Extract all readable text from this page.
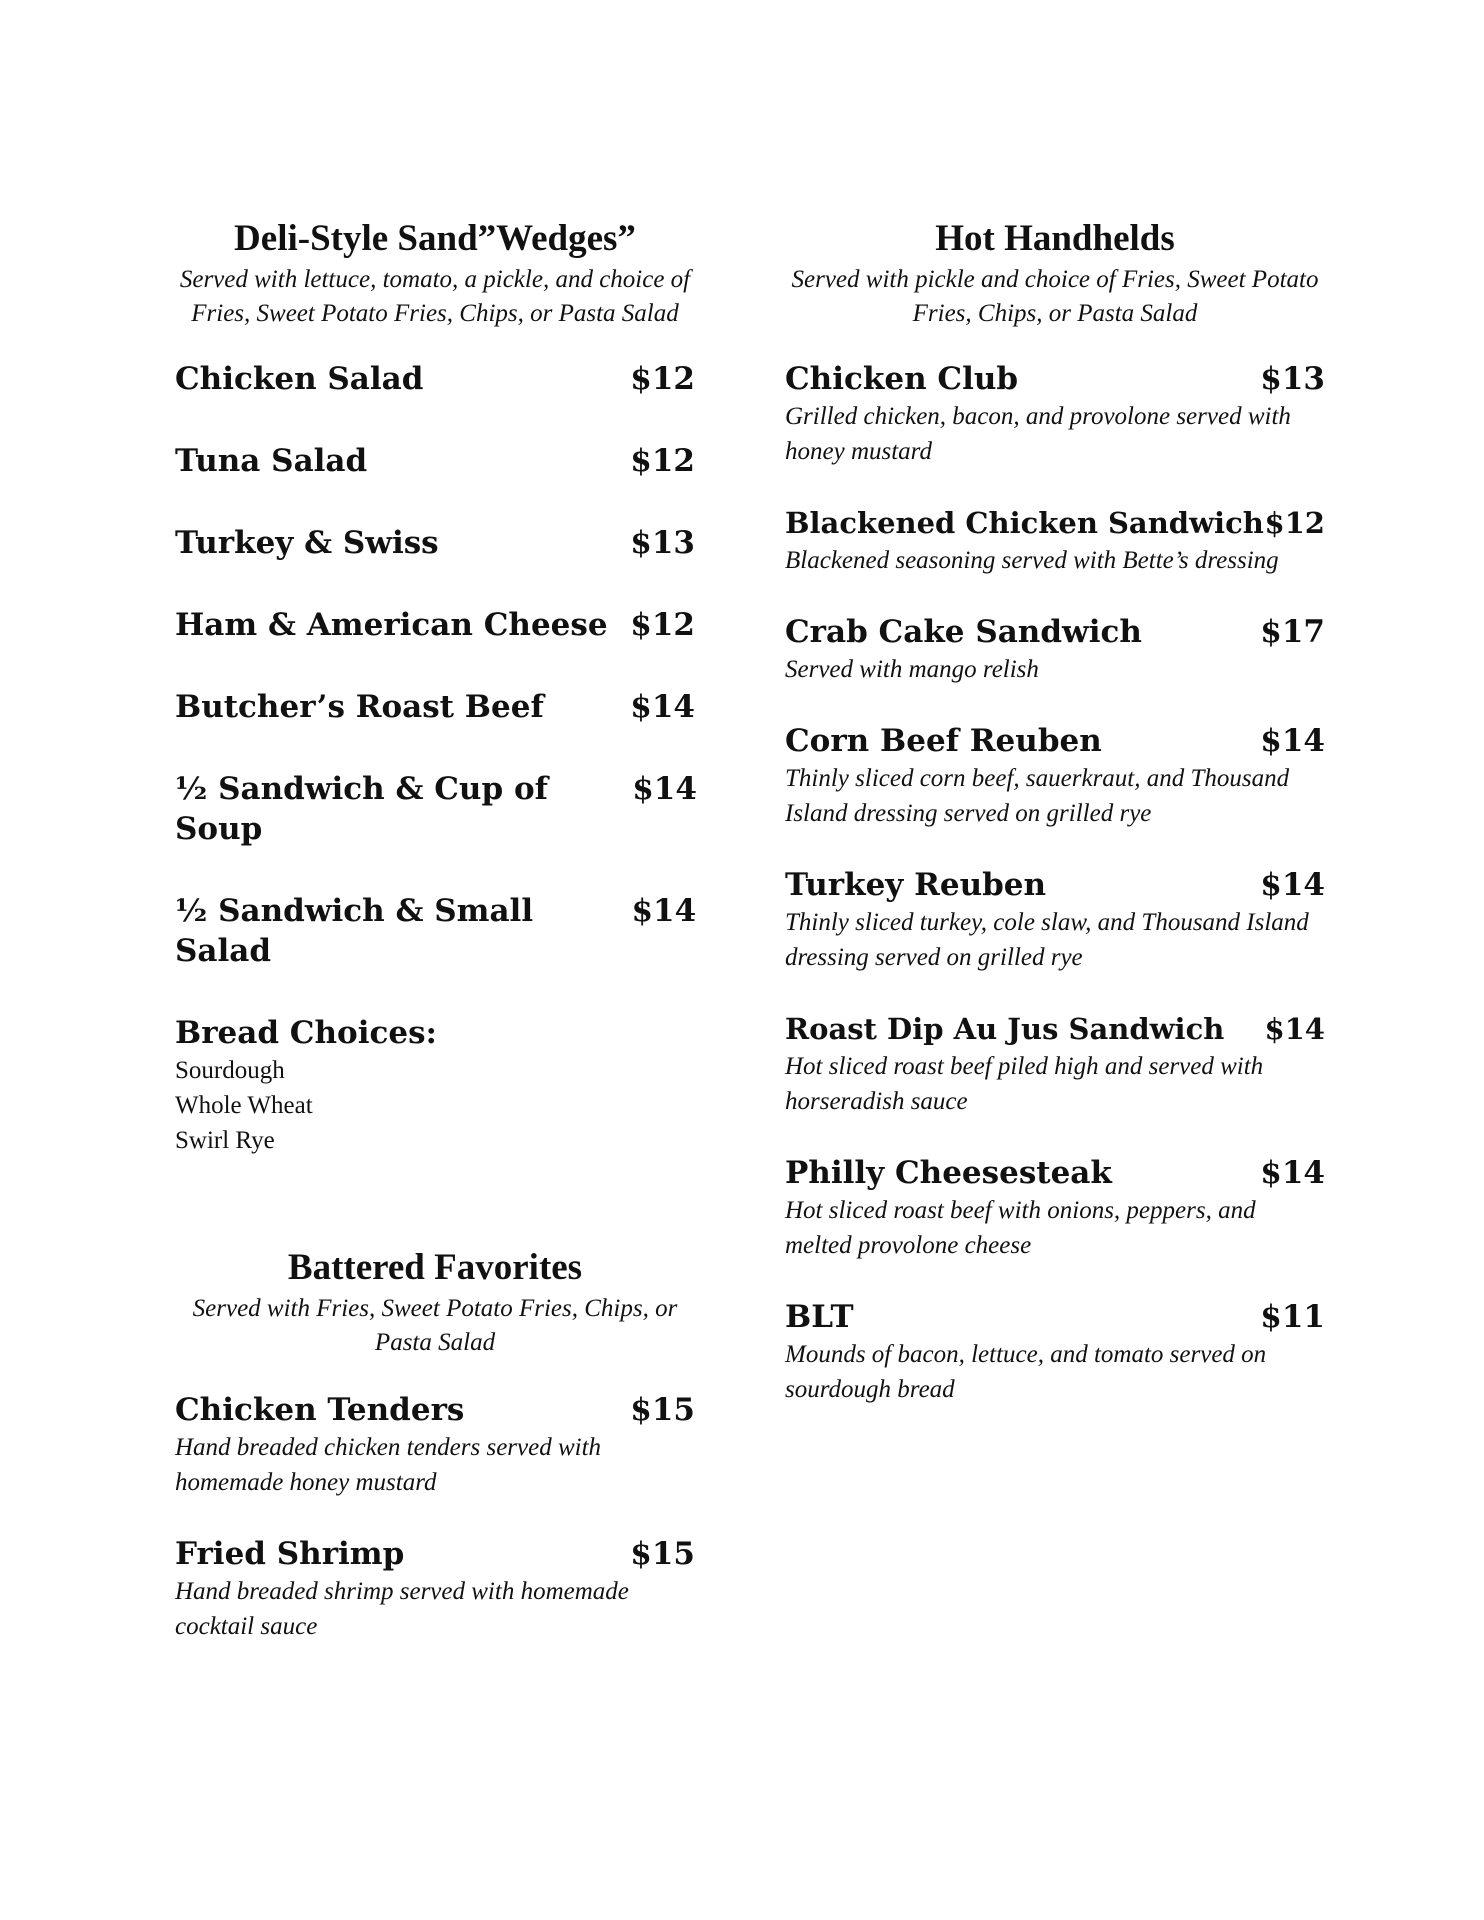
Deli-Style Sand”Wedges”

Served with lettuce, tomato, a pickle, and choice of Fries, Sweet Potato Fries, Chips, or Pasta Salad

Chicken Salad	$12
Tuna Salad	$12
Turkey & Swiss	$13
Ham & American Cheese $12
Butcher’s Roast Beef	$14
½ Sandwich & Cup of Soup
$14
½ Sandwich & Small Salad
$14
Bread Choices:
Sourdough
Whole Wheat
Swirl Rye
Battered Favorites

Served with Fries, Sweet Potato Fries, Chips, or Pasta Salad

Chicken Tenders	$15
Hand breaded chicken tenders served with homemade honey mustard
Fried Shrimp	$15
Hand breaded shrimp served with homemade cocktail sauce
Hot Handhelds

Served with pickle and choice of Fries, Sweet Potato Fries, Chips, or Pasta Salad

Chicken Club	$13
Grilled chicken, bacon, and provolone served with honey mustard
Blackened Chicken Sandwich $12
Blackened seasoning served with Bette’s dressing
Crab Cake Sandwich	$17
Served with mango relish
Corn Beef Reuben	$14
Thinly sliced corn beef, sauerkraut, and Thousand Island dressing served on grilled rye
Turkey Reuben	$14
Thinly sliced turkey, cole slaw, and Thousand Island dressing served on grilled rye
Roast Dip Au Jus Sandwich $14
Hot sliced roast beef piled high and served with horseradish sauce
Philly Cheesesteak	$14
Hot sliced roast beef with onions, peppers, and melted provolone cheese
BLT	$11
Mounds of bacon, lettuce, and tomato served on sourdough bread
